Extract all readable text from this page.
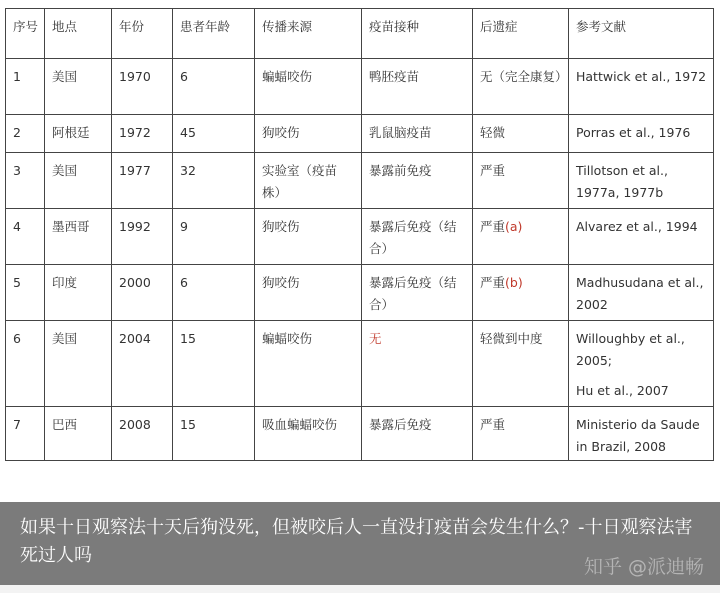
序号	地点	年份	患者年龄	传播来源	疫苗接种	后遗症	参考文献
1	美国	1970	6	蝙蝠咬伤	鸭胚疫苗	无（完全康复）	Hattwick et al., 1972
2	阿根廷	1972	45	狗咬伤	乳鼠脑疫苗	轻微	Porras et al., 1976
3	美国	1977	32	实验室（疫苗株）	暴露前免疫	严重	Tillotson et al., 1977a, 1977b
4	墨西哥	1992	9	狗咬伤	暴露后免疫（结合）	严重(a)	Alvarez et al., 1994
5	印度	2000	6	狗咬伤	暴露后免疫（结合）	严重(b)	Madhusudana et al., 2002
6	美国	2004	15	蝙蝠咬伤	无	轻微到中度	Willoughby et al., 2005;
Hu et al., 2007

7	巴西	2008	15	吸血蝙蝠咬伤	暴露后免疫	严重	Ministerio da Saude in Brazil, 2008
如果十日观察法十天后狗没死，但被咬后人一直没打疫苗会发生什么？-十日观察法害死过人吗
知乎 @派迪畅
